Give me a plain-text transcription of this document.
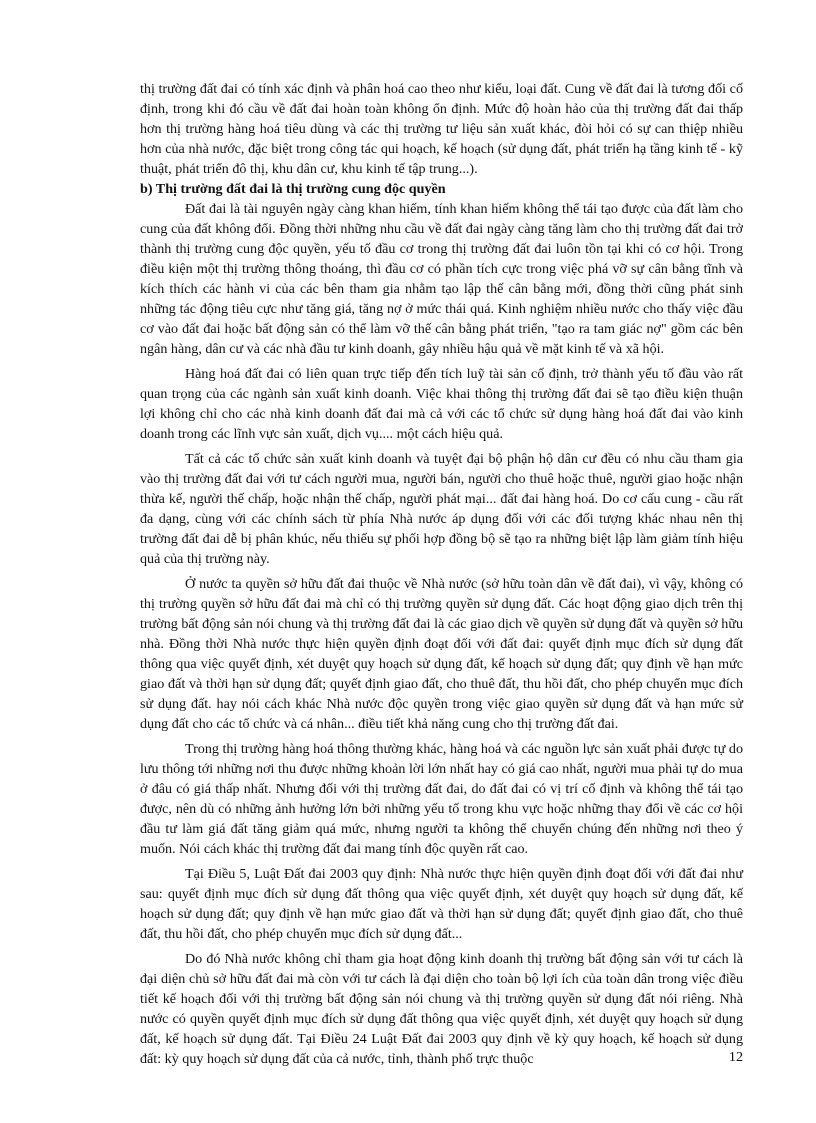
thị trường đất đai có tính xác định và phân hoá cao theo như kiểu, loại đất. Cung về đất đai là tương đối cố định, trong khi đó cầu về đất đai hoàn toàn không ổn định. Mức độ hoàn hảo của thị trường đất đai thấp hơn thị trường hàng hoá tiêu dùng và các thị trường tư liệu sản xuất khác, đòi hỏi có sự can thiệp nhiều hơn của nhà nước, đặc biệt trong công tác qui hoạch, kế hoạch (sử dụng đất, phát triển hạ tầng kinh tế - kỹ thuật, phát triển đô thị, khu dân cư, khu kinh tế tập trung...).

b) Thị trường đất đai là thị trường cung độc quyền

Đất đai là tài nguyên ngày càng khan hiếm, tính khan hiếm không thể tái tạo được của đất làm cho cung của đất không đổi. Đồng thời những nhu cầu về đất đai ngày càng tăng làm cho thị trường đất đai trở thành thị trường cung độc quyền, yếu tố đầu cơ trong thị trường đất đai luôn tồn tại khi có cơ hội. Trong điều kiện một thị trường thông thoáng, thì đầu cơ có phần tích cực trong việc phá vỡ sự cân bằng tĩnh và kích thích các hành vi của các bên tham gia nhằm tạo lập thế cân bằng mới, đồng thời cũng phát sinh những tác động tiêu cực như tăng giá, tăng nợ ở mức thái quá. Kinh nghiệm nhiều nước cho thấy việc đầu cơ vào đất đai hoặc bất động sản có thể làm vỡ thế cân bằng phát triển, "tạo ra tam giác nợ" gồm các bên ngân hàng, dân cư và các nhà đầu tư kinh doanh, gây nhiều hậu quả về mặt kinh tế và xã hội.

Hàng hoá đất đai có liên quan trực tiếp đến tích luỹ tài sản cố định, trở thành yếu tố đầu vào rất quan trọng của các ngành sản xuất kinh doanh. Việc khai thông thị trường đất đai sẽ tạo điều kiện thuận lợi không chỉ cho các nhà kinh doanh đất đai mà cả với các tổ chức sử dụng hàng hoá đất đai vào kinh doanh trong các lĩnh vực sản xuất, dịch vụ.... một cách hiệu quả.

Tất cả các tổ chức sản xuất kinh doanh và tuyệt đại bộ phận hộ dân cư đều có nhu cầu tham gia vào thị trường đất đai với tư cách người mua, người bán, người cho thuê hoặc thuê, người giao hoặc nhận thừa kế, người thế chấp, hoặc nhận thế chấp, người phát mại... đất đai hàng hoá. Do cơ cấu cung - cầu rất đa dạng, cùng với các chính sách từ phía Nhà nước áp dụng đối với các đối tượng khác nhau nên thị trường đất đai dễ bị phân khúc, nếu thiếu sự phối hợp đồng bộ sẽ tạo ra những biệt lập làm giảm tính hiệu quả của thị trường này.

Ở nước ta quyền sở hữu đất đai thuộc về Nhà nước (sở hữu toàn dân về đất đai), vì vậy, không có thị trường quyền sở hữu đất đai mà chỉ có thị trường quyền sử dụng đất. Các hoạt động giao dịch trên thị trường bất động sản nói chung và thị trường đất đai là các giao dịch về quyền sử dụng đất và quyền sở hữu nhà. Đồng thời Nhà nước thực hiện quyền định đoạt đối với đất đai: quyết định mục đích sử dụng đất thông qua việc quyết định, xét duyệt quy hoạch sử dụng đất, kế hoạch sử dụng đất; quy định về hạn mức giao đất và thời hạn sử dụng đất; quyết định giao đất, cho thuê đất, thu hồi đất, cho phép chuyển mục đích sử dụng đất. hay nói cách khác Nhà nước độc quyền trong việc giao quyền sử dụng đất và hạn mức sử dụng đất cho các tổ chức và cá nhân... điều tiết khả năng cung cho thị trường đất đai.

Trong thị trường hàng hoá thông thường khác, hàng hoá và các nguồn lực sản xuất phải được tự do lưu thông tới những nơi thu được những khoản lời lớn nhất hay có giá cao nhất, người mua phải tự do mua ở đâu có giá thấp nhất. Nhưng đối với thị trường đất đai, do đất đai có vị trí cố định và không thể tái tạo được, nên dù có những ảnh hưởng lớn bởi những yếu tố trong khu vực hoặc những thay đổi về các cơ hội đầu tư làm giá đất tăng giảm quá mức, nhưng người ta không thể chuyển chúng đến những nơi theo ý muốn. Nói cách khác thị trường đất đai mang tính độc quyền rất cao.

Tại Điều 5, Luật Đất đai 2003 quy định: Nhà nước thực hiện quyền định đoạt đối với đất đai như sau: quyết định mục đích sử dụng đất thông qua việc quyết định, xét duyệt quy hoạch sử dụng đất, kế hoạch sử dụng đất; quy định về hạn mức giao đất và thời hạn sử dụng đất; quyết định giao đất, cho thuê đất, thu hồi đất, cho phép chuyển mục đích sử dụng đất...

Do đó Nhà nước không chỉ tham gia hoạt động kinh doanh thị trường bất động sản với tư cách là đại diện chủ sở hữu đất đai mà còn với tư cách là đại diện cho toàn bộ lợi ích của toàn dân trong việc điều tiết kế hoạch đối với thị trường bất động sản nói chung và thị trường quyền sử dụng đất nói riêng. Nhà nước có quyền quyết định mục đích sử dụng đất thông qua việc quyết định, xét duyệt quy hoạch sử dụng đất, kế hoạch sử dụng đất. Tại Điều 24 Luật Đất đai 2003 quy định về kỳ quy hoạch, kế hoạch sử dụng đất: kỳ quy hoạch sử dụng đất của cả nước, tỉnh, thành phố trực thuộc	12
